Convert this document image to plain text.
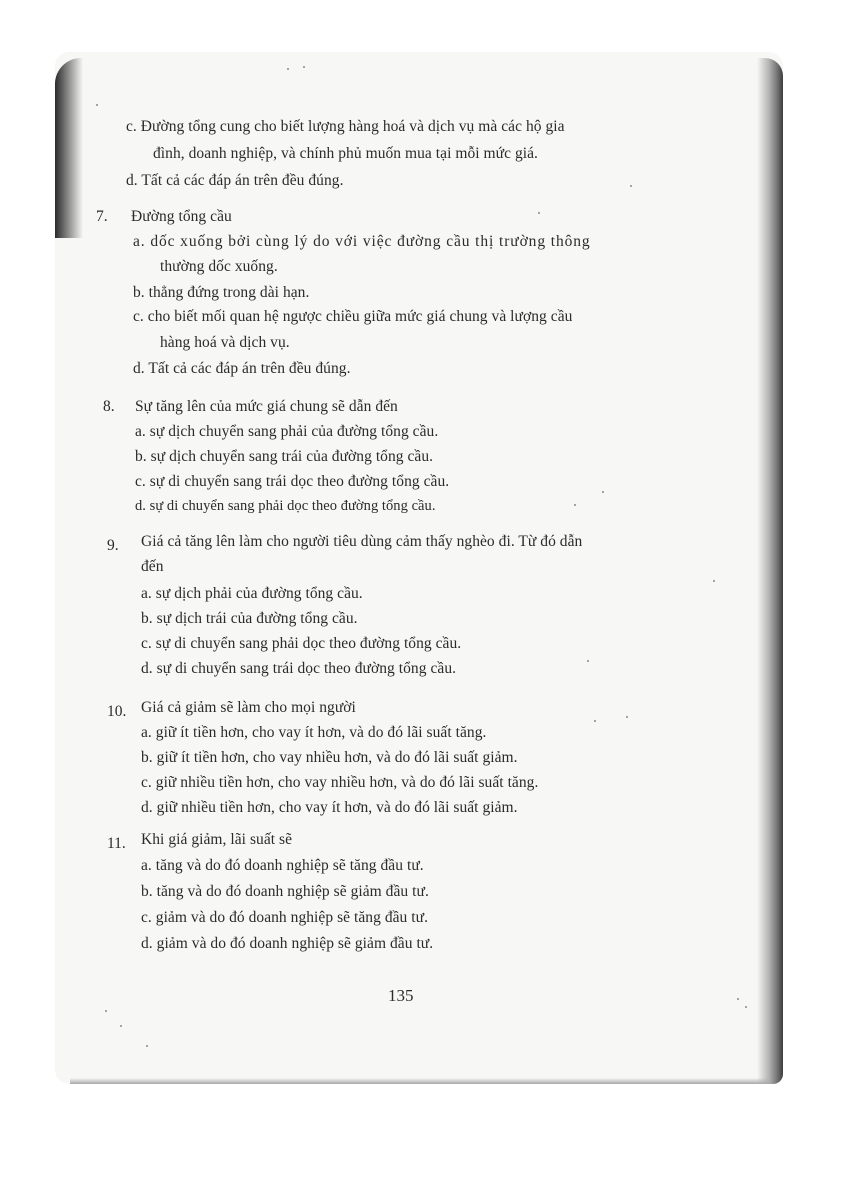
c. Đường tổng cung cho biết lượng hàng hoá và dịch vụ mà các hộ gia
đình, doanh nghiệp, và chính phủ muốn mua tại mỗi mức giá.
d. Tất cả các đáp án trên đều đúng.
7. Đường tổng cầu
a. dốc xuống bởi cùng lý do với việc đường cầu thị trường thông
thường dốc xuống.
b. thẳng đứng trong dài hạn.
c. cho biết mối quan hệ ngược chiều giữa mức giá chung và lượng cầu
hàng hoá và dịch vụ.
d. Tất cả các đáp án trên đều đúng.
8. Sự tăng lên của mức giá chung sẽ dẫn đến
a. sự dịch chuyển sang phải của đường tổng cầu.
b. sự dịch chuyển sang trái của đường tổng cầu.
c. sự di chuyển sang trái dọc theo đường tổng cầu.
d. sự di chuyển sang phải dọc theo đường tổng cầu.
9. Giá cả tăng lên làm cho người tiêu dùng cảm thấy nghèo đi. Từ đó dẫn
đến
a. sự dịch phải của đường tổng cầu.
b. sự dịch trái của đường tổng cầu.
c. sự di chuyển sang phải dọc theo đường tổng cầu.
d. sự di chuyển sang trái dọc theo đường tổng cầu.
10. Giá cả giảm sẽ làm cho mọi người
a. giữ ít tiền hơn, cho vay ít hơn, và do đó lãi suất tăng.
b. giữ ít tiền hơn, cho vay nhiều hơn, và do đó lãi suất giảm.
c. giữ nhiều tiền hơn, cho vay nhiều hơn, và do đó lãi suất tăng.
d. giữ nhiều tiền hơn, cho vay ít hơn, và do đó lãi suất giảm.
11. Khi giá giảm, lãi suất sẽ
a. tăng và do đó doanh nghiệp sẽ tăng đầu tư.
b. tăng và do đó doanh nghiệp sẽ giảm đầu tư.
c. giảm và do đó doanh nghiệp sẽ tăng đầu tư.
d. giảm và do đó doanh nghiệp sẽ giảm đầu tư.
135
